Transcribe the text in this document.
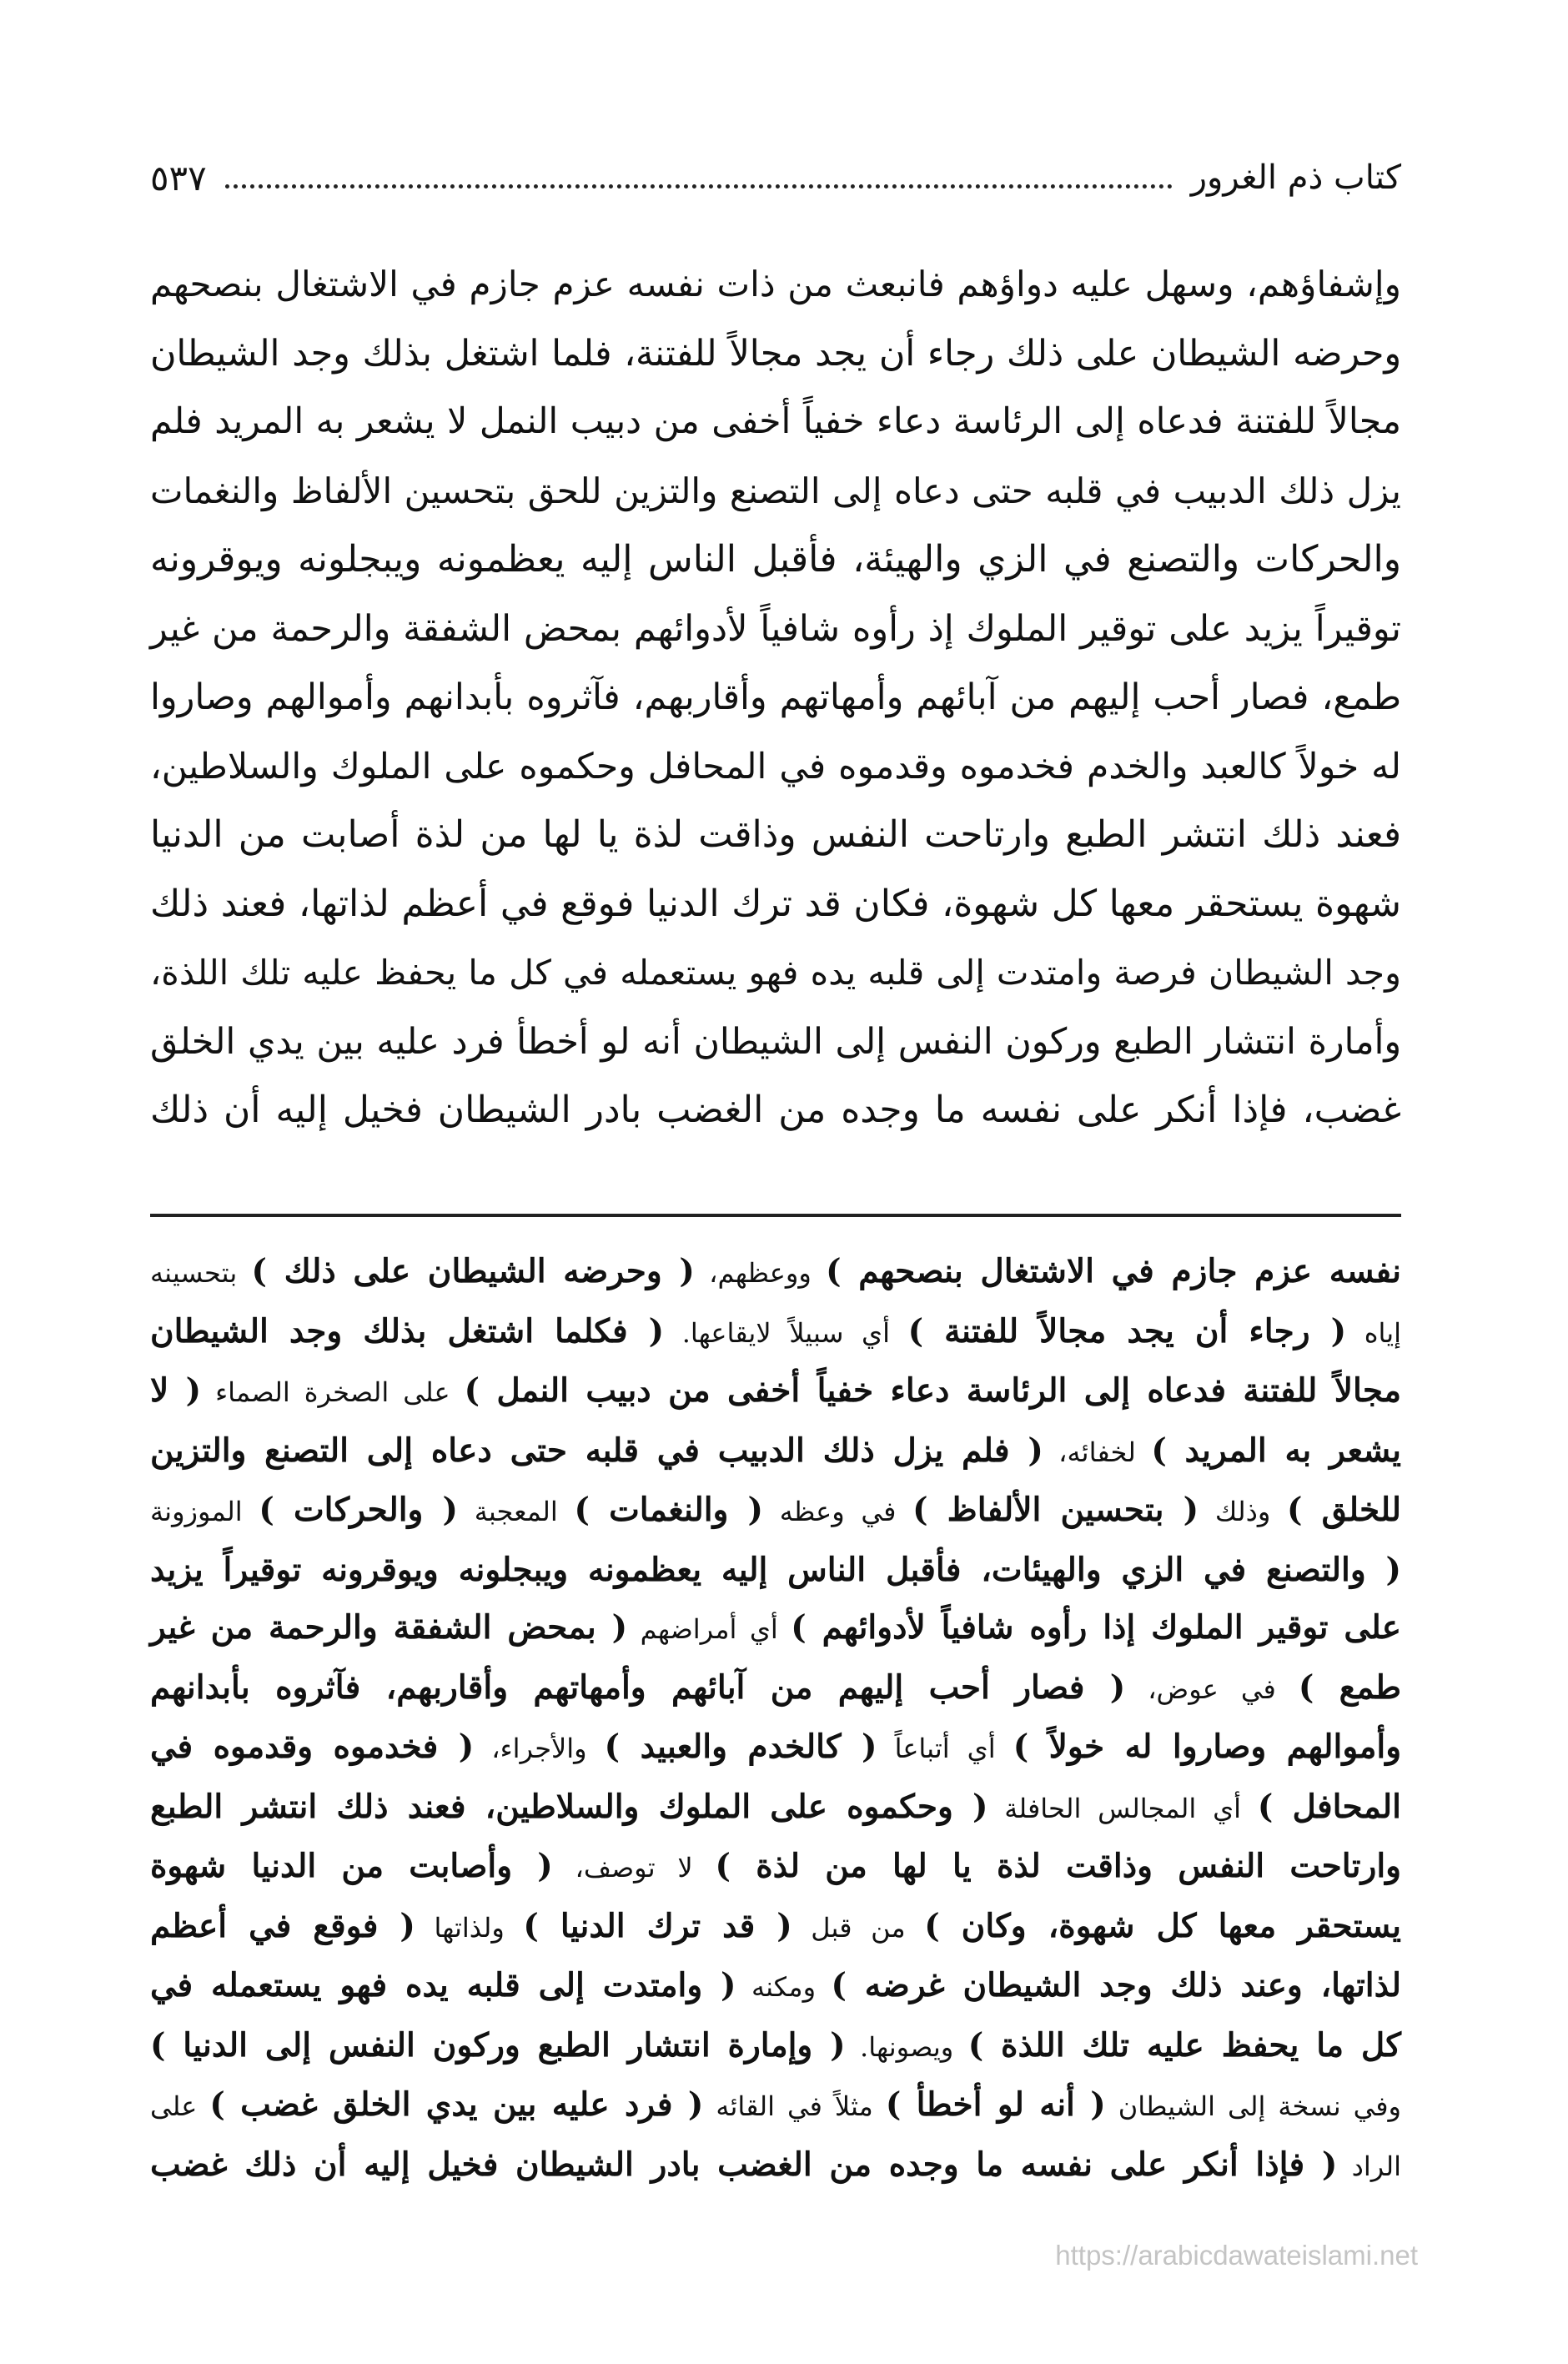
كتاب ذم الغرور
٥٣٧
وإشفاؤهم، وسهل عليه دواؤهم فانبعث من ذات نفسه عزم جازم في الاشتغال بنصحهم
وحرضه الشيطان على ذلك رجاء أن يجد مجالاً للفتنة، فلما اشتغل بذلك وجد الشيطان
مجالاً للفتنة فدعاه إلى الرئاسة دعاء خفياً أخفى من دبيب النمل لا يشعر به المريد فلم
يزل ذلك الدبيب في قلبه حتى دعاه إلى التصنع والتزين للحق بتحسين الألفاظ والنغمات
والحركات والتصنع في الزي والهيئة، فأقبل الناس إليه يعظمونه ويبجلونه ويوقرونه
توقيراً يزيد على توقير الملوك إذ رأوه شافياً لأدوائهم بمحض الشفقة والرحمة من غير
طمع، فصار أحب إليهم من آبائهم وأمهاتهم وأقاربهم، فآثروه بأبدانهم وأموالهم وصاروا
له خولاً كالعبد والخدم فخدموه وقدموه في المحافل وحكموه على الملوك والسلاطين،
فعند ذلك انتشر الطبع وارتاحت النفس وذاقت لذة يا لها من لذة أصابت من الدنيا
شهوة يستحقر معها كل شهوة، فكان قد ترك الدنيا فوقع في أعظم لذاتها، فعند ذلك
وجد الشيطان فرصة وامتدت إلى قلبه يده فهو يستعمله في كل ما يحفظ عليه تلك اللذة،
وأمارة انتشار الطبع وركون النفس إلى الشيطان أنه لو أخطأ فرد عليه بين يدي الخلق
غضب، فإذا أنكر على نفسه ما وجده من الغضب بادر الشيطان فخيل إليه أن ذلك
نفسه عزم جازم في الاشتغال بنصحهم ) ووعظهم، ( وحرضه الشيطان على ذلك ) بتحسينه
إياه ( رجاء أن يجد مجالاً للفتنة ) أي سبيلاً لايقاعها. ( فكلما اشتغل بذلك وجد الشيطان
مجالاً للفتنة فدعاه إلى الرئاسة دعاء خفياً أخفى من دبيب النمل ) على الصخرة الصماء ( لا
يشعر به المريد ) لخفائه، ( فلم يزل ذلك الدبيب في قلبه حتى دعاه إلى التصنع والتزين
للخلق ) وذلك ( بتحسين الألفاظ ) في وعظه ( والنغمات ) المعجبة ( والحركات ) الموزونة
( والتصنع في الزي والهيئات، فأقبل الناس إليه يعظمونه ويبجلونه ويوقرونه توقيراً يزيد
على توقير الملوك إذا رأوه شافياً لأدوائهم ) أي أمراضهم ( بمحض الشفقة والرحمة من غير
طمع ) في عوض، ( فصار أحب إليهم من آبائهم وأمهاتهم وأقاربهم، فآثروه بأبدانهم
وأموالهم وصاروا له خولاً ) أي أتباعاً ( كالخدم والعبيد ) والأجراء، ( فخدموه وقدموه في
المحافل ) أي المجالس الحافلة ( وحكموه على الملوك والسلاطين، فعند ذلك انتشر الطبع
وارتاحت النفس وذاقت لذة يا لها من لذة ) لا توصف، ( وأصابت من الدنيا شهوة
يستحقر معها كل شهوة، وكان ) من قبل ( قد ترك الدنيا ) ولذاتها ( فوقع في أعظم
لذاتها، وعند ذلك وجد الشيطان غرضه ) ومكنه ( وامتدت إلى قلبه يده فهو يستعمله في
كل ما يحفظ عليه تلك اللذة ) ويصونها. ( وإمارة انتشار الطبع وركون النفس إلى الدنيا )
وفي نسخة إلى الشيطان ( أنه لو أخطأ ) مثلاً في القائه ( فرد عليه بين يدي الخلق غضب ) على
الراد ( فإذا أنكر على نفسه ما وجده من الغضب بادر الشيطان فخيل إليه أن ذلك غضب
https://arabicdawateislami.net
